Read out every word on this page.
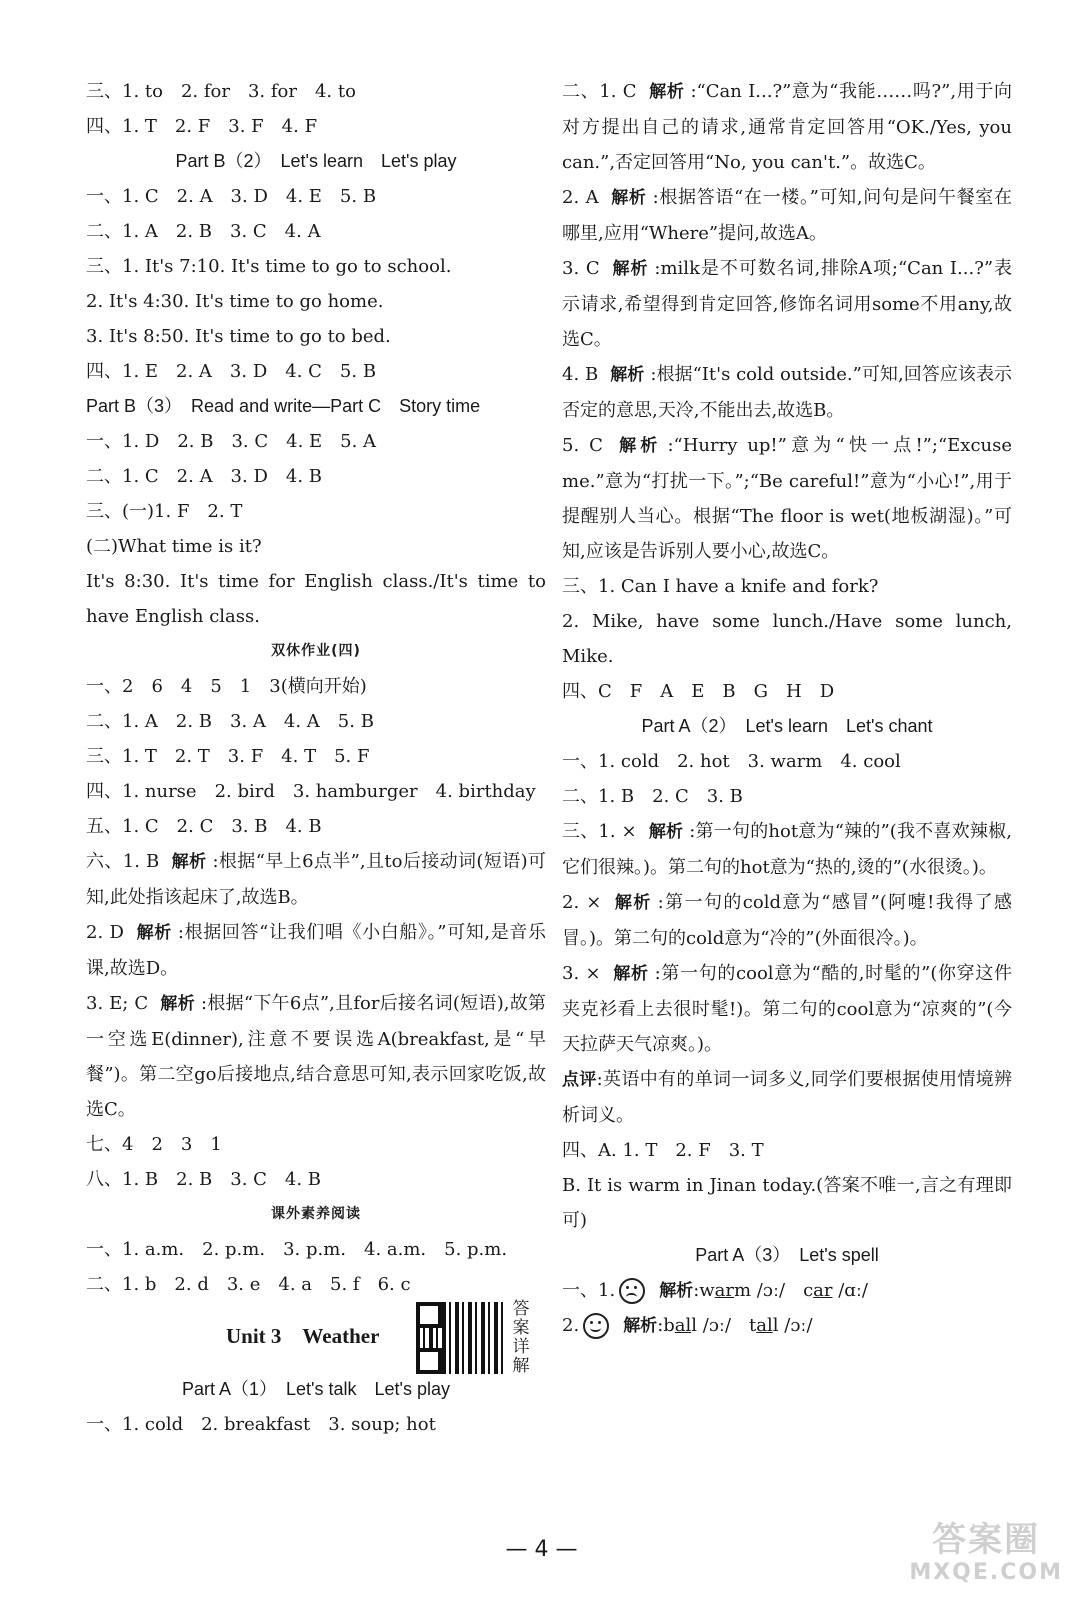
三、1. to　2. for　3. for　4. to
四、1. T　2. F　3. F　4. F
Part B（2）　Let's learn　Let's play
一、1. C　2. A　3. D　4. E　5. B
二、1. A　2. B　3. C　4. A
三、1. It's 7:10. It's time to go to school.
2. It's 4:30. It's time to go home.
3. It's 8:50. It's time to go to bed.
四、1. E　2. A　3. D　4. C　5. B
Part B（3）　Read and write—Part C　Story time
一、1. D　2. B　3. C　4. E　5. A
二、1. C　2. A　3. D　4. B
三、(一)1. F　2. T
(二)What time is it?
It's 8:30. It's time for English class./It's time to have English class.
双休作业(四)
一、2　6　4　5　1　3(横向开始)
二、1. A　2. B　3. A　4. A　5. B
三、1. T　2. T　3. F　4. T　5. F
四、1. nurse　2. bird　3. hamburger　4. birthday
五、1. C　2. C　3. B　4. B
六、1. B 解析 :根据“早上6点半”,且to后接动词(短语)可知,此处指该起床了,故选B。
2. D 解析 :根据回答“让我们唱《小白船》。”可知,是音乐课,故选D。
3. E; C 解析 :根据“下午6点”,且for后接名词(短语),故第一空选E(dinner),注意不要误选A(breakfast,是“早餐”)。第二空go后接地点,结合意思可知,表示回家吃饭,故选C。
七、4　2　3　1
八、1. B　2. B　3. C　4. B
课外素养阅读
一、1. a.m.　2. p.m.　3. p.m.　4. a.m.　5. p.m.
二、1. b　2. d　3. e　4. a　5. f　6. c
Unit 3　Weather
答案详解
Part A（1）　Let's talk　Let's play
一、1. cold　2. breakfast　3. soup; hot
二、1. C 解析 :“Can I...?”意为“我能……吗?”,用于向对方提出自己的请求,通常肯定回答用“OK./Yes, you can.”,否定回答用“No, you can't.”。故选C。
2. A 解析 :根据答语“在一楼。”可知,问句是问午餐室在哪里,应用“Where”提问,故选A。
3. C 解析 :milk是不可数名词,排除A项;“Can I...?”表示请求,希望得到肯定回答,修饰名词用some不用any,故选C。
4. B 解析 :根据“It's cold outside.”可知,回答应该表示否定的意思,天冷,不能出去,故选B。
5. C 解析 :“Hurry up!”意为“快一点!”;“Excuse me.”意为“打扰一下。”;“Be careful!”意为“小心!”,用于提醒别人当心。根据“The floor is wet(地板湖湿)。”可知,应该是告诉别人要小心,故选C。
三、1. Can I have a knife and fork?
2. Mike, have some lunch./Have some lunch, Mike.
四、C　F　A　E　B　G　H　D
Part A（2）　Let's learn　Let's chant
一、1. cold　2. hot　3. warm　4. cool
二、1. B　2. C　3. B
三、1. × 解析 :第一句的hot意为“辣的”(我不喜欢辣椒,它们很辣。)。第二句的hot意为“热的,烫的”(水很烫。)。
2. × 解析 :第一句的cold意为“感冒”(阿嚏!我得了感冒。)。第二句的cold意为“冷的”(外面很冷。)。
3. × 解析 :第一句的cool意为“酷的,时髦的”(你穿这件夹克衫看上去很时髦!)。第二句的cool意为“凉爽的”(今天拉萨天气凉爽。)。
点评:英语中有的单词一词多义,同学们要根据使用情境辨析词义。
四、A. 1. T　2. F　3. T
B. It is warm in Jinan today.(答案不唯一,言之有理即可)
Part A（3）　Let's spell
一、1.	解析:warm /ɔː/　car /ɑː/
2.	解析:ball /ɔː/　tall /ɔː/
— 4 —	答案圈
MXQE.COM
